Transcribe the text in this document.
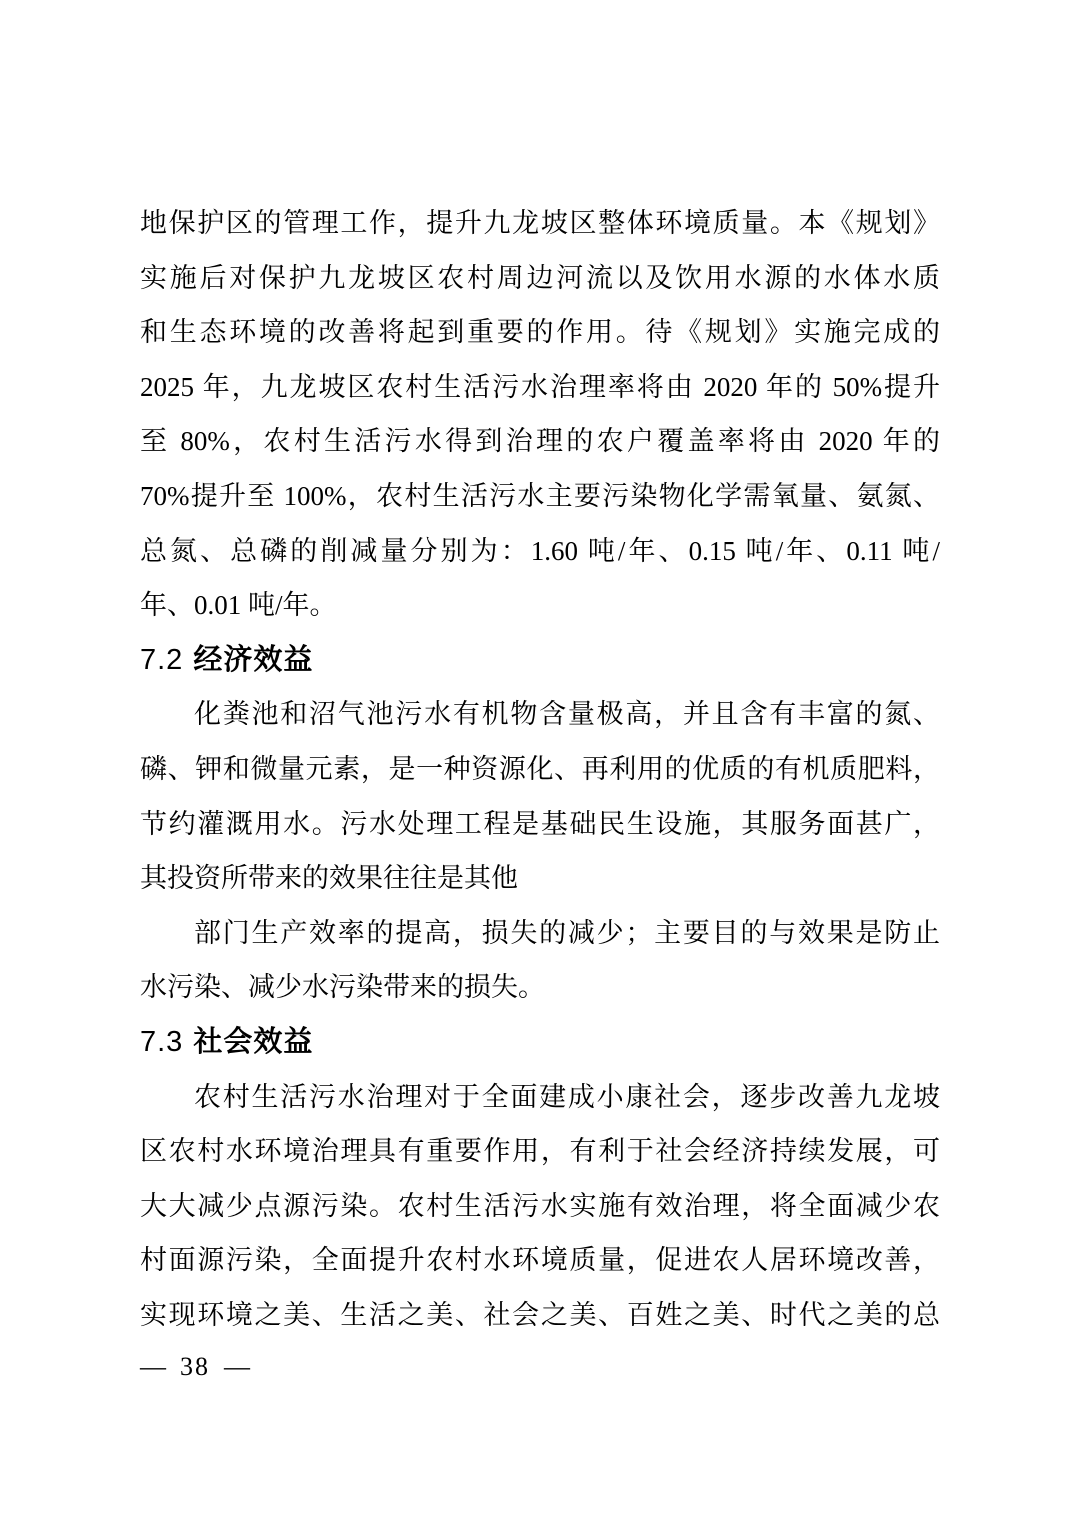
地保护区的管理工作，提升九龙坡区整体环境质量。本《规划》
实施后对保护九龙坡区农村周边河流以及饮用水源的水体水质
和生态环境的改善将起到重要的作用。待《规划》实施完成的
2025 年，九龙坡区农村生活污水治理率将由 2020 年的 50%提升
至 80%，农村生活污水得到治理的农户覆盖率将由 2020 年的
70%提升至 100%，农村生活污水主要污染物化学需氧量、氨氮、
总氮、总磷的削减量分别为：1.60 吨/年、0.15 吨/年、0.11 吨/
年、0.01 吨/年。
7.2 经济效益
化粪池和沼气池污水有机物含量极高，并且含有丰富的氮、
磷、钾和微量元素，是一种资源化、再利用的优质的有机质肥料，
节约灌溉用水。污水处理工程是基础民生设施，其服务面甚广，
其投资所带来的效果往往是其他
部门生产效率的提高，损失的减少；主要目的与效果是防止
水污染、减少水污染带来的损失。
7.3 社会效益
农村生活污水治理对于全面建成小康社会，逐步改善九龙坡
区农村水环境治理具有重要作用，有利于社会经济持续发展，可
大大减少点源污染。农村生活污水实施有效治理，将全面减少农
村面源污染，全面提升农村水环境质量，促进农人居环境改善，
实现环境之美、生活之美、社会之美、百姓之美、时代之美的总
— 38 —
